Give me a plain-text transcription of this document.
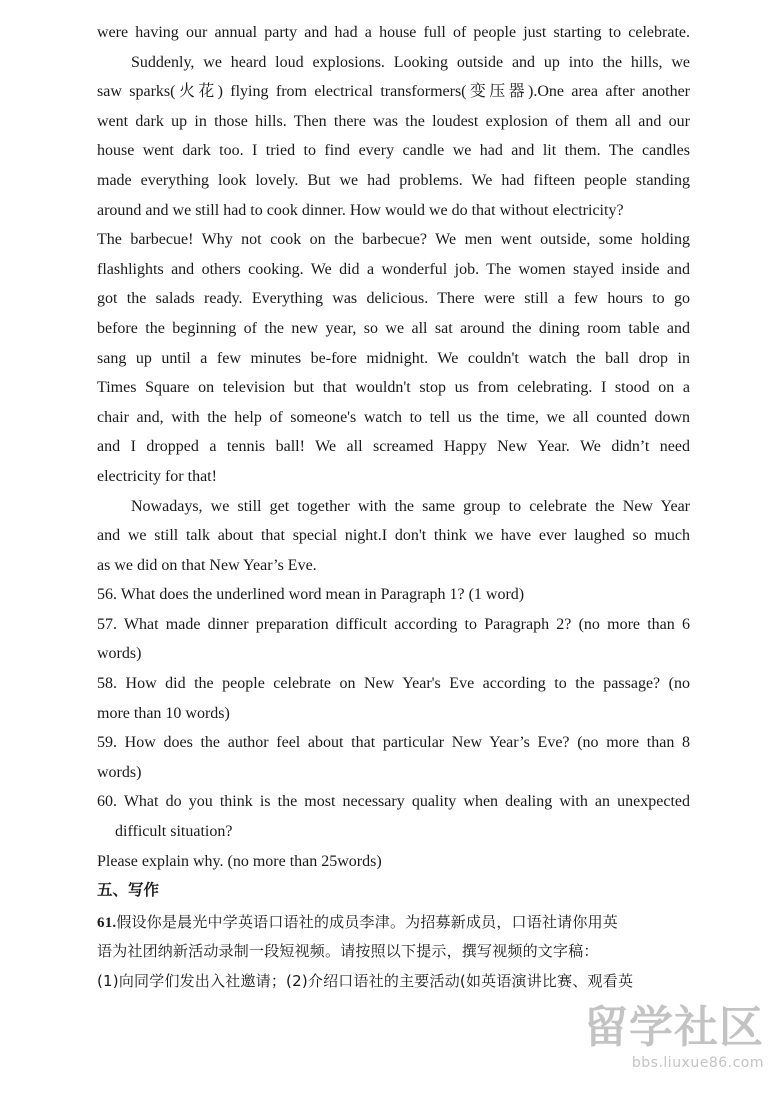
were having our annual party and had a house full of people just starting to celebrate.
Suddenly, we heard loud explosions. Looking outside and up into the hills, we
saw sparks(火花) flying from electrical transformers(变压器).One area after another
went dark up in those hills. Then there was the loudest explosion of them all and our
house went dark too. I tried to find every candle we had and lit them. The candles
made everything look lovely. But we had problems. We had fifteen people standing
around and we still had to cook dinner. How would we do that without electricity?
The barbecue! Why not cook on the barbecue? We men went outside, some holding
flashlights and others cooking. We did a wonderful job. The women stayed inside and
got the salads ready. Everything was delicious. There were still a few hours to go
before the beginning of the new year, so we all sat around the dining room table and
sang up until a few minutes be-fore midnight. We couldn't watch the ball drop in
Times Square on television but that wouldn't stop us from celebrating. I stood on a
chair and, with the help of someone's watch to tell us the time, we all counted down
and I dropped a tennis ball! We all screamed Happy New Year. We didn’t need
electricity for that!
Nowadays, we still get together with the same group to celebrate the New Year
and we still talk about that special night.I don't think we have ever laughed so much
as we did on that New Year’s Eve.
56. What does the underlined word mean in Paragraph 1? (1 word)
57. What made dinner preparation difficult according to Paragraph 2? (no more than 6
words)
58. How did the people celebrate on New Year's Eve according to the passage? (no
more than 10 words)
59. How does the author feel about that particular New Year’s Eve? (no more than 8
words)
60. What do you think is the most necessary quality when dealing with an unexpected
difficult situation?
Please explain why. (no more than 25words)
五、写作
61.假设你是晨光中学英语口语社的成员李津。为招募新成员，口语社请你用英
语为社团纳新活动录制一段短视频。请按照以下提示，撰写视频的文字稿：
(1)向同学们发出入社邀请；(2)介绍口语社的主要活动(如英语演讲比赛、观看英
留学社区
bbs.liuxue86.com
